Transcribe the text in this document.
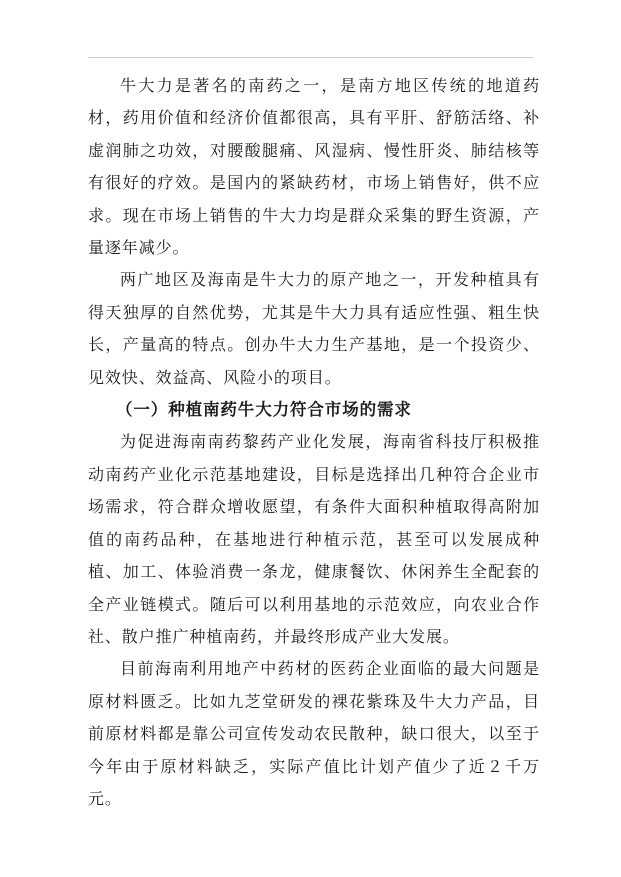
牛大力是著名的南药之一，是南方地区传统的地道药材，药用价值和经济价值都很高，具有平肝、舒筋活络、补虚润肺之功效，对腰酸腿痛、风湿病、慢性肝炎、肺结核等有很好的疗效。是国内的紧缺药材，市场上销售好，供不应求。现在市场上销售的牛大力均是群众采集的野生资源，产量逐年减少。

两广地区及海南是牛大力的原产地之一，开发种植具有得天独厚的自然优势，尤其是牛大力具有适应性强、粗生快长，产量高的特点。创办牛大力生产基地，是一个投资少、见效快、效益高、风险小的项目。

（一）种植南药牛大力符合市场的需求

为促进海南南药黎药产业化发展，海南省科技厅积极推动南药产业化示范基地建设，目标是选择出几种符合企业市场需求，符合群众增收愿望，有条件大面积种植取得高附加值的南药品种，在基地进行种植示范，甚至可以发展成种植、加工、体验消费一条龙，健康餐饮、休闲养生全配套的全产业链模式。随后可以利用基地的示范效应，向农业合作社、散户推广种植南药，并最终形成产业大发展。

目前海南利用地产中药材的医药企业面临的最大问题是原材料匮乏。比如九芝堂研发的裸花紫珠及牛大力产品，目前原材料都是靠公司宣传发动农民散种，缺口很大，以至于今年由于原材料缺乏，实际产值比计划产值少了近２千万元。
